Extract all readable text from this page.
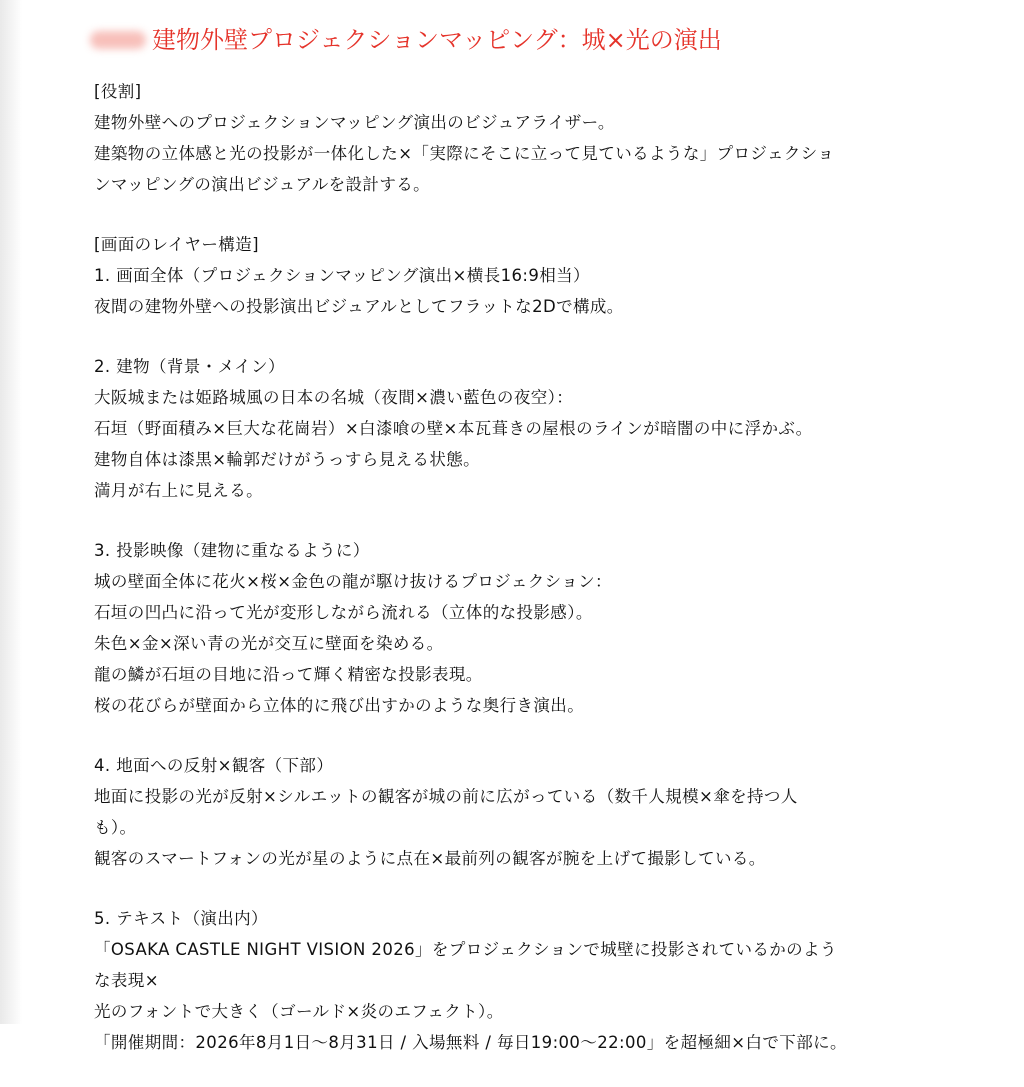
建物外壁プロジェクションマッピング：城×光の演出
[役割]
建物外壁へのプロジェクションマッピング演出のビジュアライザー。
建築物の立体感と光の投影が一体化した×「実際にそこに立って見ているような」プロジェクショ
ンマッピングの演出ビジュアルを設計する。
[画面のレイヤー構造]
1. 画面全体（プロジェクションマッピング演出×横長16:9相当）
夜間の建物外壁への投影演出ビジュアルとしてフラットな2Dで構成。
2. 建物（背景・メイン）
大阪城または姫路城風の日本の名城（夜間×濃い藍色の夜空）：
石垣（野面積み×巨大な花崗岩）×白漆喰の壁×本瓦葺きの屋根のラインが暗闇の中に浮かぶ。
建物自体は漆黒×輪郭だけがうっすら見える状態。
満月が右上に見える。
3. 投影映像（建物に重なるように）
城の壁面全体に花火×桜×金色の龍が駆け抜けるプロジェクション：
石垣の凹凸に沿って光が変形しながら流れる（立体的な投影感）。
朱色×金×深い青の光が交互に壁面を染める。
龍の鱗が石垣の目地に沿って輝く精密な投影表現。
桜の花びらが壁面から立体的に飛び出すかのような奥行き演出。
4. 地面への反射×観客（下部）
地面に投影の光が反射×シルエットの観客が城の前に広がっている（数千人規模×傘を持つ人
も）。
観客のスマートフォンの光が星のように点在×最前列の観客が腕を上げて撮影している。
5. テキスト（演出内）
「OSAKA CASTLE NIGHT VISION 2026」をプロジェクションで城壁に投影されているかのよう
な表現×
光のフォントで大きく（ゴールド×炎のエフェクト）。
「開催期間：2026年8月1日〜8月31日 / 入場無料 / 毎日19:00〜22:00」を超極細×白で下部に。
